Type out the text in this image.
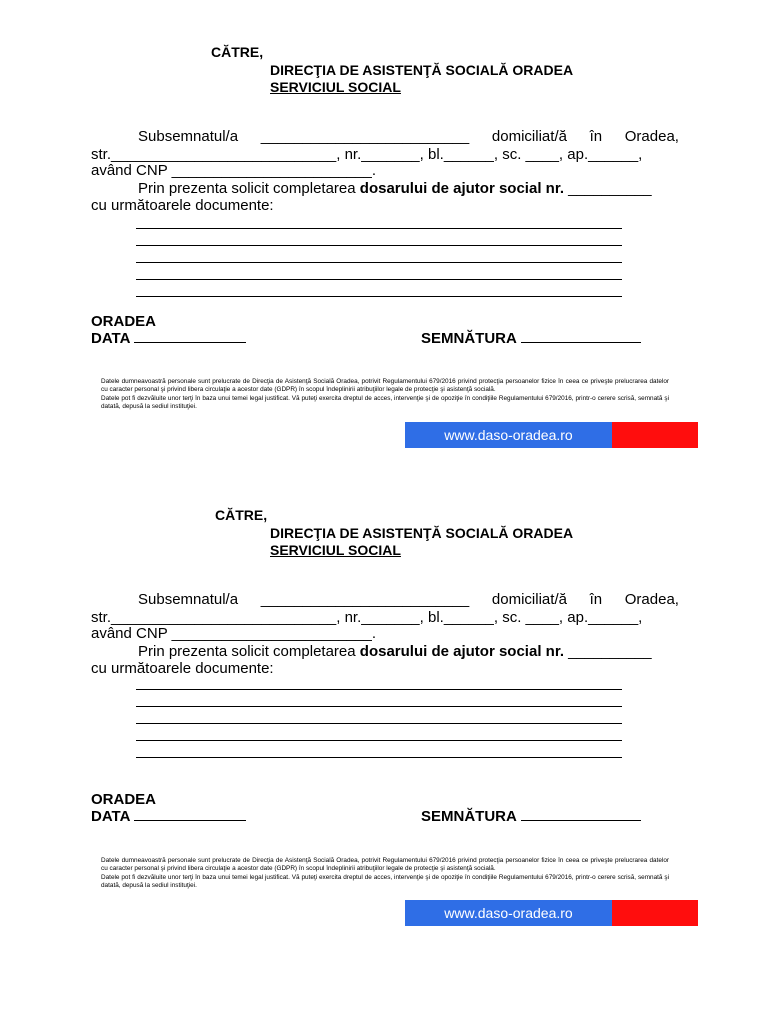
CĂTRE,
DIRECŢIA DE ASISTENŢĂ SOCIALĂ ORADEA
SERVICIUL SOCIAL
Subsemnatul/a _________________________ domiciliat/ă în Oradea,
str.___________________________, nr._______, bl.______, sc. ____, ap.______,
având CNP ________________________.
Prin prezenta solicit completarea dosarului de ajutor social nr. __________
cu următoarele documente:
ORADEA
DATA	SEMNĂTURA
Datele dumneavoastră personale sunt prelucrate de Direcţia de Asistenţă Socială Oradea, potrivit Regulamentului 679/2016 privind protecţia persoanelor fizice în ceea ce priveşte prelucrarea datelor cu caracter personal şi privind libera circulaţie a acestor date (GDPR) în scopul îndeplinirii atribuţiilor legale de protecţie şi asistenţă socială.
Datele pot fi dezvăluite unor terţi în baza unui temei legal justificat. Vă puteţi exercita dreptul de acces, intervenţie şi de opoziţie în condiţiile Regulamentului 679/2016, printr-o cerere scrisă, semnată şi datată, depusă la sediul instituţiei.
www.daso-oradea.ro
CĂTRE,
DIRECŢIA DE ASISTENŢĂ SOCIALĂ ORADEA
SERVICIUL SOCIAL
Subsemnatul/a _________________________ domiciliat/ă în Oradea,
str.___________________________, nr._______, bl.______, sc. ____, ap.______,
având CNP ________________________.
Prin prezenta solicit completarea dosarului de ajutor social nr. __________
cu următoarele documente:
ORADEA
DATA	SEMNĂTURA
Datele dumneavoastră personale sunt prelucrate de Direcţia de Asistenţă Socială Oradea, potrivit Regulamentului 679/2016 privind protecţia persoanelor fizice în ceea ce priveşte prelucrarea datelor cu caracter personal şi privind libera circulaţie a acestor date (GDPR) în scopul îndeplinirii atribuţiilor legale de protecţie şi asistenţă socială.
Datele pot fi dezvăluite unor terţi în baza unui temei legal justificat. Vă puteţi exercita dreptul de acces, intervenţie şi de opoziţie în condiţiile Regulamentului 679/2016, printr-o cerere scrisă, semnată şi datată, depusă la sediul instituţiei.
www.daso-oradea.ro
